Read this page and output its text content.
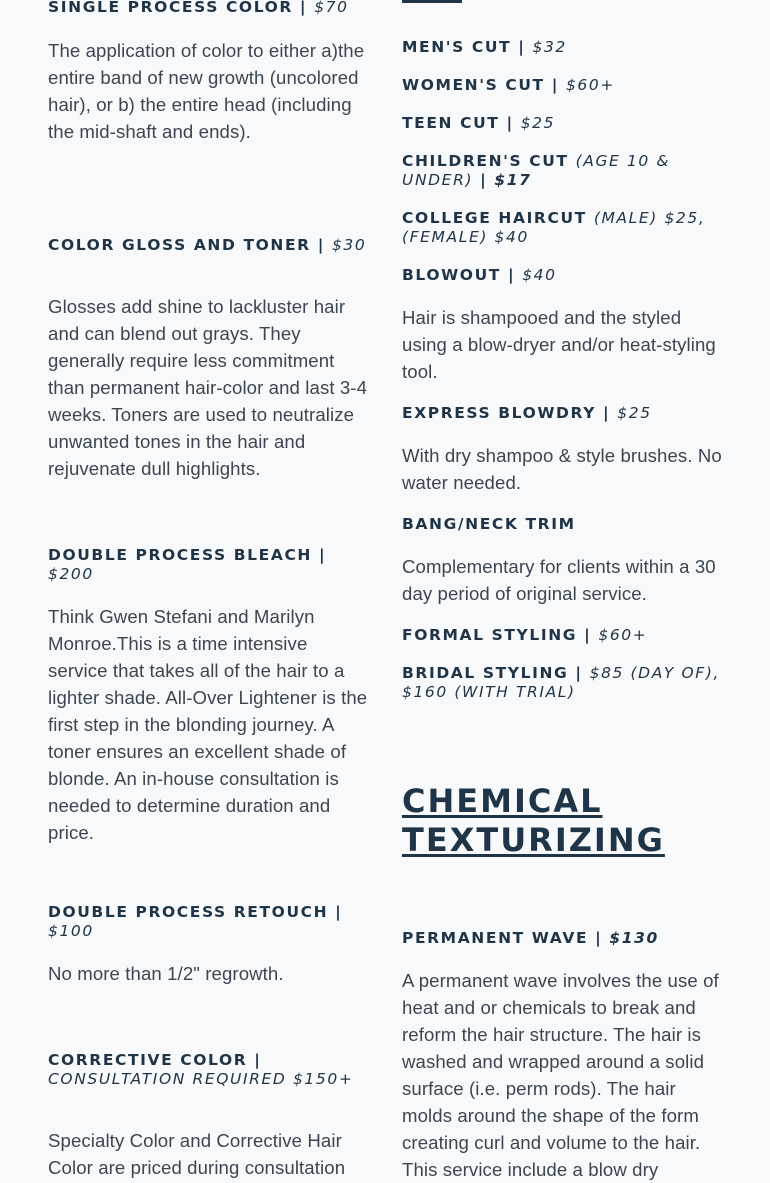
SINGLE PROCESS COLOR | $70
The application of color to either a)the entire band of new growth (uncolored hair), or b) the entire head (including the mid-shaft and ends).
COLOR GLOSS AND TONER | $30
Glosses add shine to lackluster hair and can blend out grays. They generally require less commitment than permanent hair-color and last 3-4 weeks. Toners are used to neutralize unwanted tones in the hair and rejuvenate dull highlights.
DOUBLE PROCESS BLEACH | $200
Think Gwen Stefani and Marilyn Monroe.This is a time intensive service that takes all of the hair to a lighter shade. All-Over Lightener is the first step in the blonding journey. A toner ensures an excellent shade of blonde. An in-house consultation is needed to determine duration and price.
DOUBLE PROCESS RETOUCH | $100
No more than 1/2" regrowth.
CORRECTIVE COLOR | CONSULTATION REQUIRED $150+
Specialty Color and Corrective Hair Color are priced during consultation
MEN'S CUT | $32
WOMEN'S CUT | $60+
TEEN CUT | $25
CHILDREN'S CUT (AGE 10 & UNDER) | $17
COLLEGE HAIRCUT (MALE) $25, (FEMALE) $40
BLOWOUT | $40
Hair is shampooed and the styled using a blow-dryer and/or heat-styling tool.
EXPRESS BLOWDRY | $25
With dry shampoo & style brushes. No water needed.
BANG/NECK TRIM
Complementary for clients within a 30 day period of original service.
FORMAL STYLING | $60+
BRIDAL STYLING | $85 (DAY OF), $160 (WITH TRIAL)
CHEMICAL TEXTURIZING
PERMANENT WAVE | $130
A permanent wave involves the use of heat and or chemicals to break and reform the hair structure. The hair is washed and wrapped around a solid surface (i.e. perm rods). The hair molds around the shape of the form creating curl and volume to the hair. This service include a blow dry
